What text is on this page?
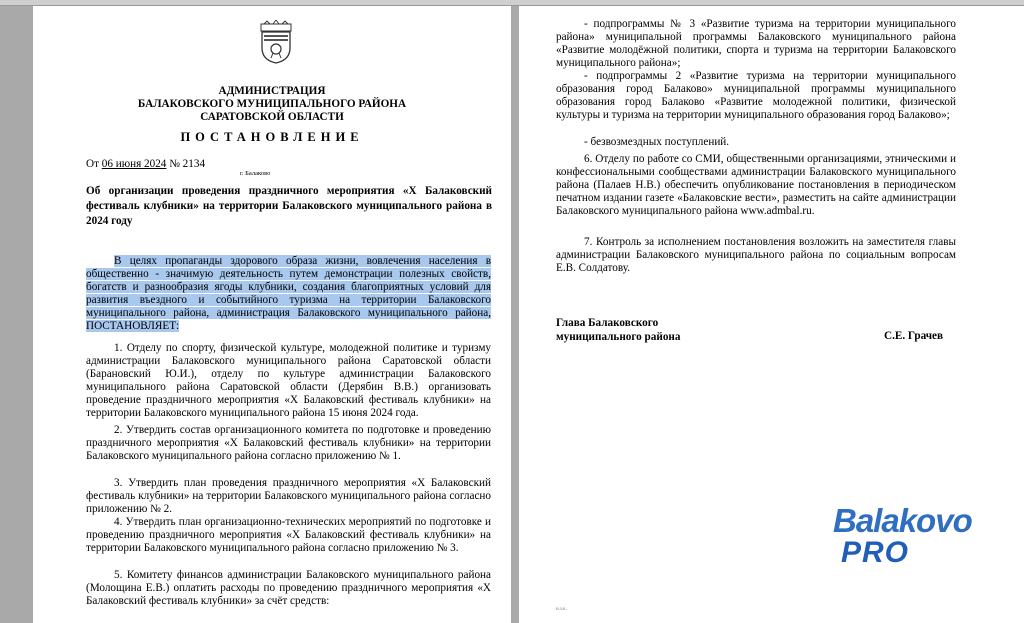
АДМИНИСТРАЦИЯ
БАЛАКОВСКОГО МУНИЦИПАЛЬНОГО РАЙОНА
САРАТОВСКОЙ ОБЛАСТИ
ПОСТАНОВЛЕНИЕ
От 06 июня 2024 № 2134
г. Балаково
Об организации проведения праздничного мероприятия «X Балаковский фестиваль клубники» на территории Балаковского муниципального района в 2024 году
В целях пропаганды здорового образа жизни, вовлечения населения в общественно - значимую деятельность путем демонстрации полезных свойств, богатств и разнообразия ягоды клубники, создания благоприятных условий для развития въездного и событийного туризма на территории Балаковского муниципального района, администрация Балаковского муниципального района, ПОСТАНОВЛЯЕТ:
1. Отделу по спорту, физической культуре, молодежной политике и туризму администрации Балаковского муниципального района Саратовской области (Барановский Ю.И.), отделу по культуре администрации Балаковского муниципального района Саратовской области (Дерябин В.В.) организовать проведение праздничного мероприятия «X Балаковский фестиваль клубники» на территории Балаковского муниципального района 15 июня 2024 года.
2. Утвердить состав организационного комитета по подготовке и проведению праздничного мероприятия «X Балаковский фестиваль клубники» на территории Балаковского муниципального района согласно приложению № 1.
3. Утвердить план проведения праздничного мероприятия «X Балаковский фестиваль клубники» на территории Балаковского муниципального района согласно приложению № 2.
4. Утвердить план организационно-технических мероприятий по подготовке и проведению праздничного мероприятия «X Балаковский фестиваль клубники» на территории Балаковского муниципального района согласно приложению № 3.
5. Комитету финансов администрации Балаковского муниципального района (Молощина Е.В.) оплатить расходы по проведению праздничного мероприятия «X Балаковский фестиваль клубники» за счёт средств:
- подпрограммы № 3 «Развитие туризма на территории муниципального района» муниципальной программы Балаковского муниципального района «Развитие молодёжной политики, спорта и туризма на территории Балаковского муниципального района»;
- подпрограммы 2 «Развитие туризма на территории муниципального образования город Балаково» муниципальной программы муниципального образования город Балаково «Развитие молодежной политики, физической культуры и туризма на территории муниципального образования город Балаково»;
- безвозмездных поступлений.
6. Отделу по работе со СМИ, общественными организациями, этническими и конфессиональными сообществами администрации Балаковского муниципального района (Палаев Н.В.) обеспечить опубликование постановления в периодическом печатном издании газете «Балаковские вести», разместить на сайте администрации Балаковского муниципального района www.admbal.ru.
7. Контроль за исполнением постановления возложить на заместителя главы администрации Балаковского муниципального района по социальным вопросам Е.В. Солдатову.
Глава Балаковского
муниципального района	С.Е. Грачев
н.з.к.
Balakovo
PRO
